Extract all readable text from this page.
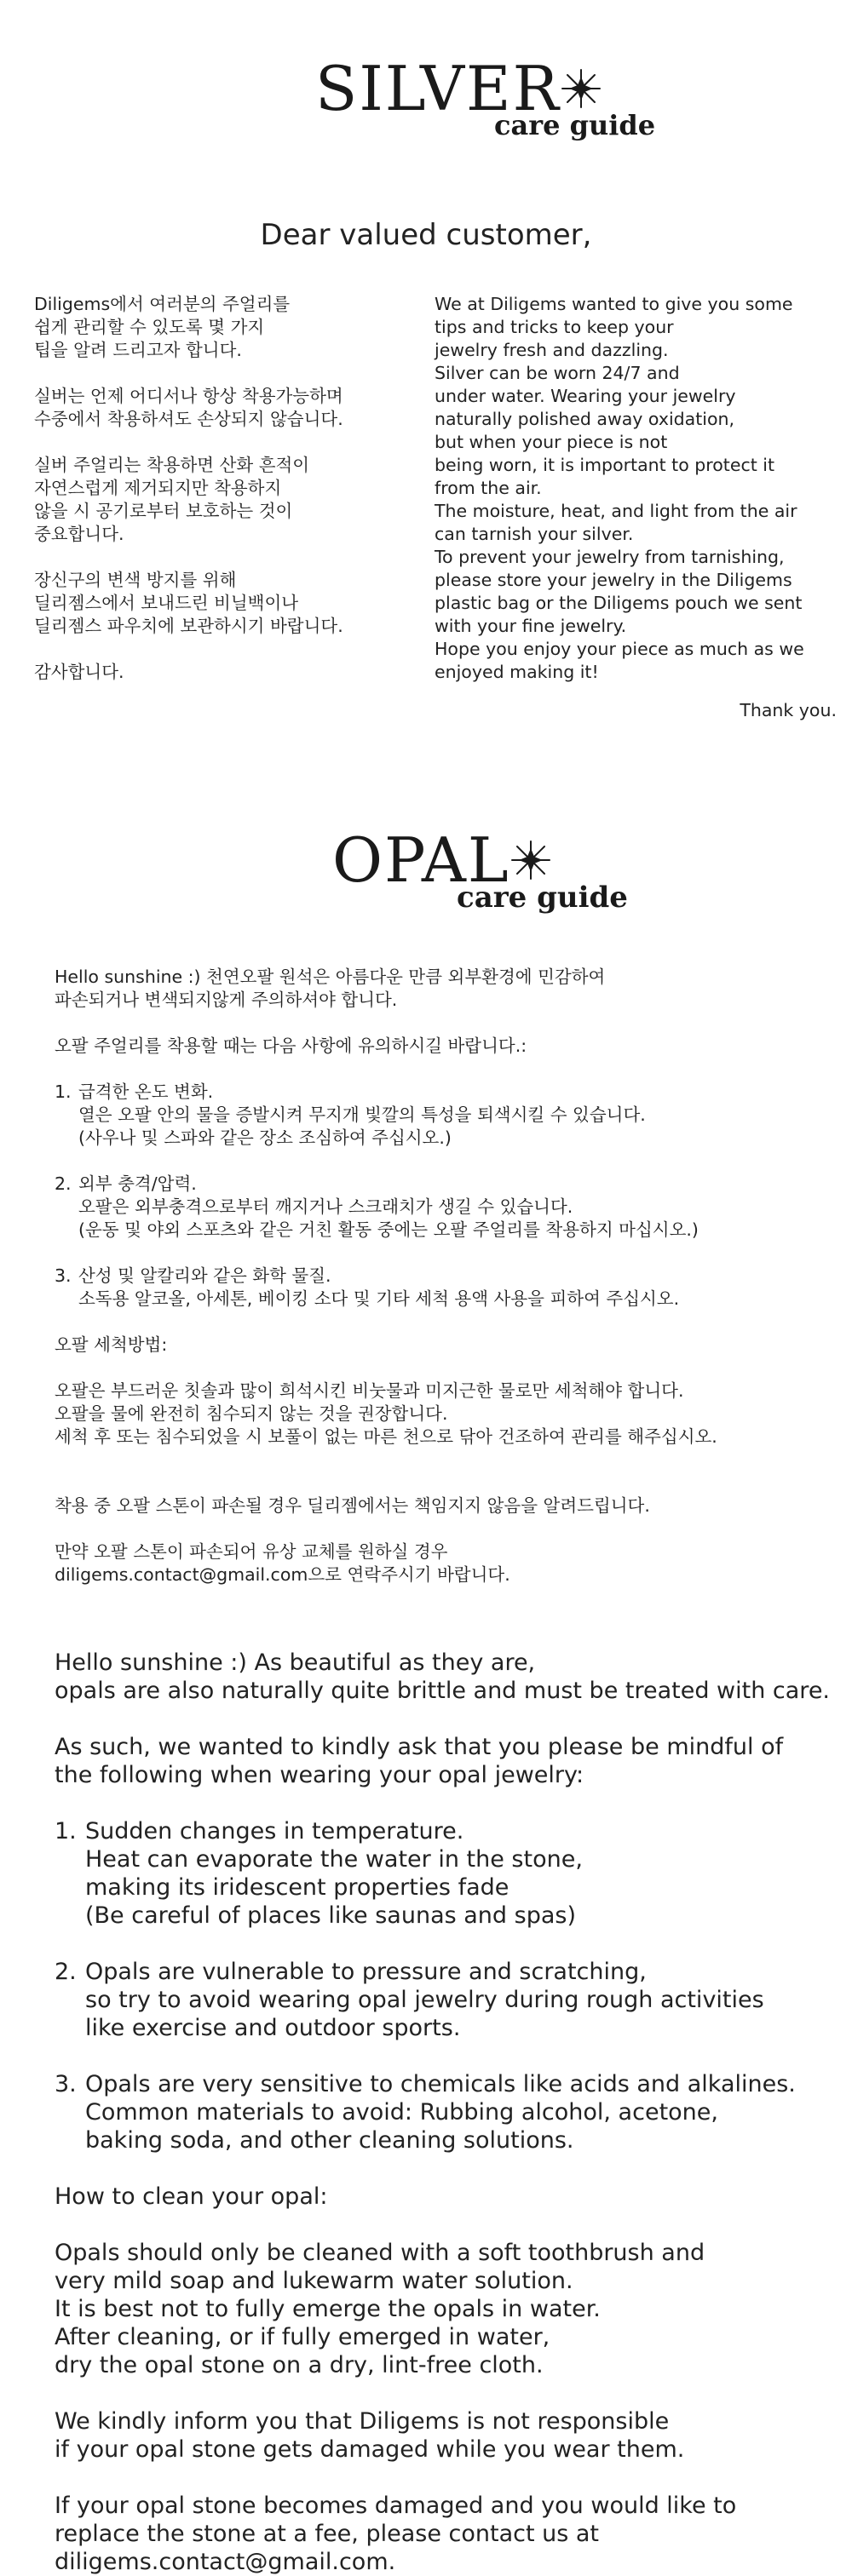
SILVER
care guide
Dear valued customer,

Diligems에서 여러분의 주얼리를

쉽게 관리할 수 있도록 몇 가지

팁을 알려 드리고자 합니다.

실버는 언제 어디서나 항상 착용가능하며

수중에서 착용하셔도 손상되지 않습니다.

실버 주얼리는 착용하면 산화 흔적이

자연스럽게 제거되지만 착용하지

않을 시 공기로부터 보호하는 것이

중요합니다.

장신구의 변색 방지를 위해

딜리젬스에서 보내드린 비닐백이나

딜리젬스 파우치에 보관하시기 바랍니다.

감사합니다.

We at Diligems wanted to give you some

tips and tricks to keep your

jewelry fresh and dazzling.

Silver can be worn 24/7 and

under water. Wearing your jewelry

naturally polished away oxidation,

but when your piece is not

being worn, it is important to protect it

from the air.

The moisture, heat, and light from the air

can tarnish your silver.

To prevent your jewelry from tarnishing,

please store your jewelry in the Diligems

plastic bag or the Diligems pouch we sent

with your fine jewelry.

Hope you enjoy your piece as much as we

enjoyed making it!

Thank you.
OPAL
care guide

Hello sunshine :) 천연오팔 원석은 아름다운 만큼 외부환경에 민감하여

파손되거나 변색되지않게 주의하셔야 합니다.

오팔 주얼리를 착용할 때는 다음 사항에 유의하시길 바랍니다.:

1. 급격한 온도 변화.

열은 오팔 안의 물을 증발시켜 무지개 빛깔의 특성을 퇴색시킬 수 있습니다.

(사우나 및 스파와 같은 장소 조심하여 주십시오.)

2. 외부 충격/압력.

오팔은 외부충격으로부터 깨지거나 스크래치가 생길 수 있습니다.

(운동 및 야외 스포츠와 같은 거친 활동 중에는 오팔 주얼리를 착용하지 마십시오.)

3. 산성 및 알칼리와 같은 화학 물질.

소독용 알코올, 아세톤, 베이킹 소다 및 기타 세척 용액 사용을 피하여 주십시오.

오팔 세척방법:

오팔은 부드러운 칫솔과 많이 희석시킨 비눗물과 미지근한 물로만 세척해야 합니다.

오팔을 물에 완전히 침수되지 않는 것을 권장합니다.

세척 후 또는 침수되었을 시 보풀이 없는 마른 천으로 닦아 건조하여 관리를 해주십시오.

착용 중 오팔 스톤이 파손될 경우 딜리젬에서는 책임지지 않음을 알려드립니다.

만약 오팔 스톤이 파손되어 유상 교체를 원하실 경우

diligems.contact@gmail.com으로 연락주시기 바랍니다.

Hello sunshine :) As beautiful as they are,

opals are also naturally quite brittle and must be treated with care.

As such, we wanted to kindly ask that you please be mindful of

the following when wearing your opal jewelry:

1. Sudden changes in temperature.

Heat can evaporate the water in the stone,

making its iridescent properties fade

(Be careful of places like saunas and spas)

2. Opals are vulnerable to pressure and scratching,

so try to avoid wearing opal jewelry during rough activities

like exercise and outdoor sports.

3. Opals are very sensitive to chemicals like acids and alkalines.

Common materials to avoid: Rubbing alcohol, acetone,

baking soda, and other cleaning solutions.

How to clean your opal:

Opals should only be cleaned with a soft toothbrush and

very mild soap and lukewarm water solution.

It is best not to fully emerge the opals in water.

After cleaning, or if fully emerged in water,

dry the opal stone on a dry, lint-free cloth.

We kindly inform you that Diligems is not responsible

if your opal stone gets damaged while you wear them.

If your opal stone becomes damaged and you would like to

replace the stone at a fee, please contact us at

diligems.contact@gmail.com.
